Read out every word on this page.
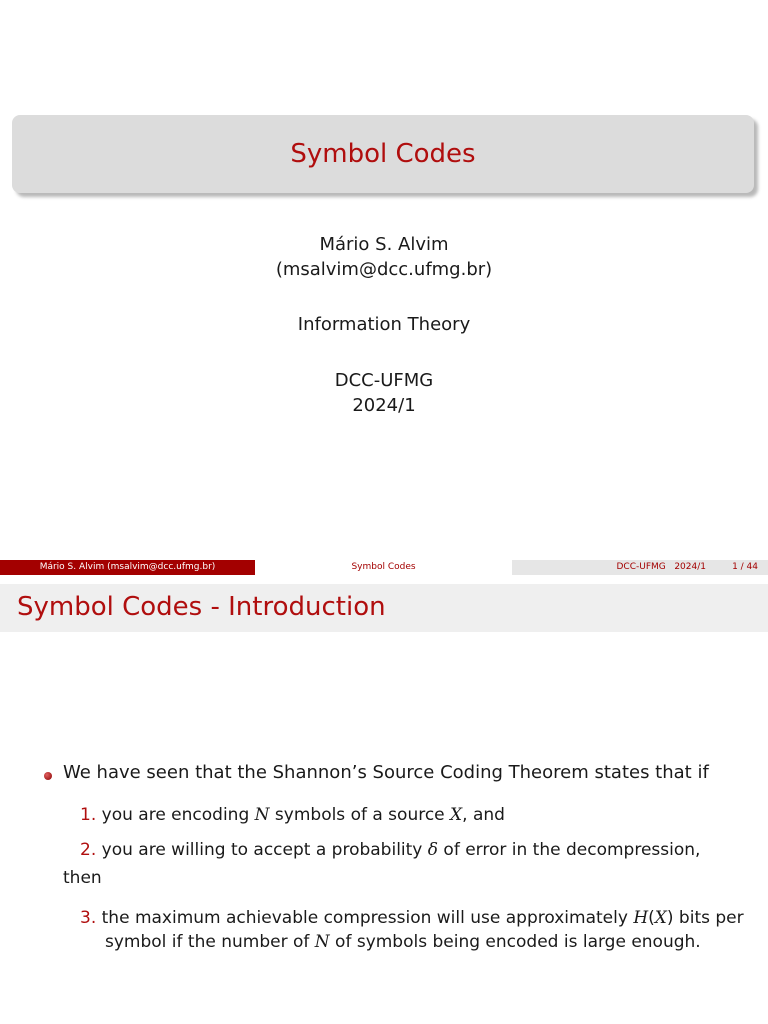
Symbol Codes
Mário S. Alvim
(msalvim@dcc.ufmg.br)
Information Theory
DCC-UFMG
2024/1
Mário S. Alvim (msalvim@dcc.ufmg.br)	Symbol Codes	DCC-UFMG   2024/1	1 / 44
Symbol Codes - Introduction
We have seen that the Shannon’s Source Coding Theorem states that if
1. you are encoding N symbols of a source X, and
2. you are willing to accept a probability δ of error in the decompression,
then
3. the maximum achievable compression will use approximately H(X) bits per
symbol if the number of N of symbols being encoded is large enough.
